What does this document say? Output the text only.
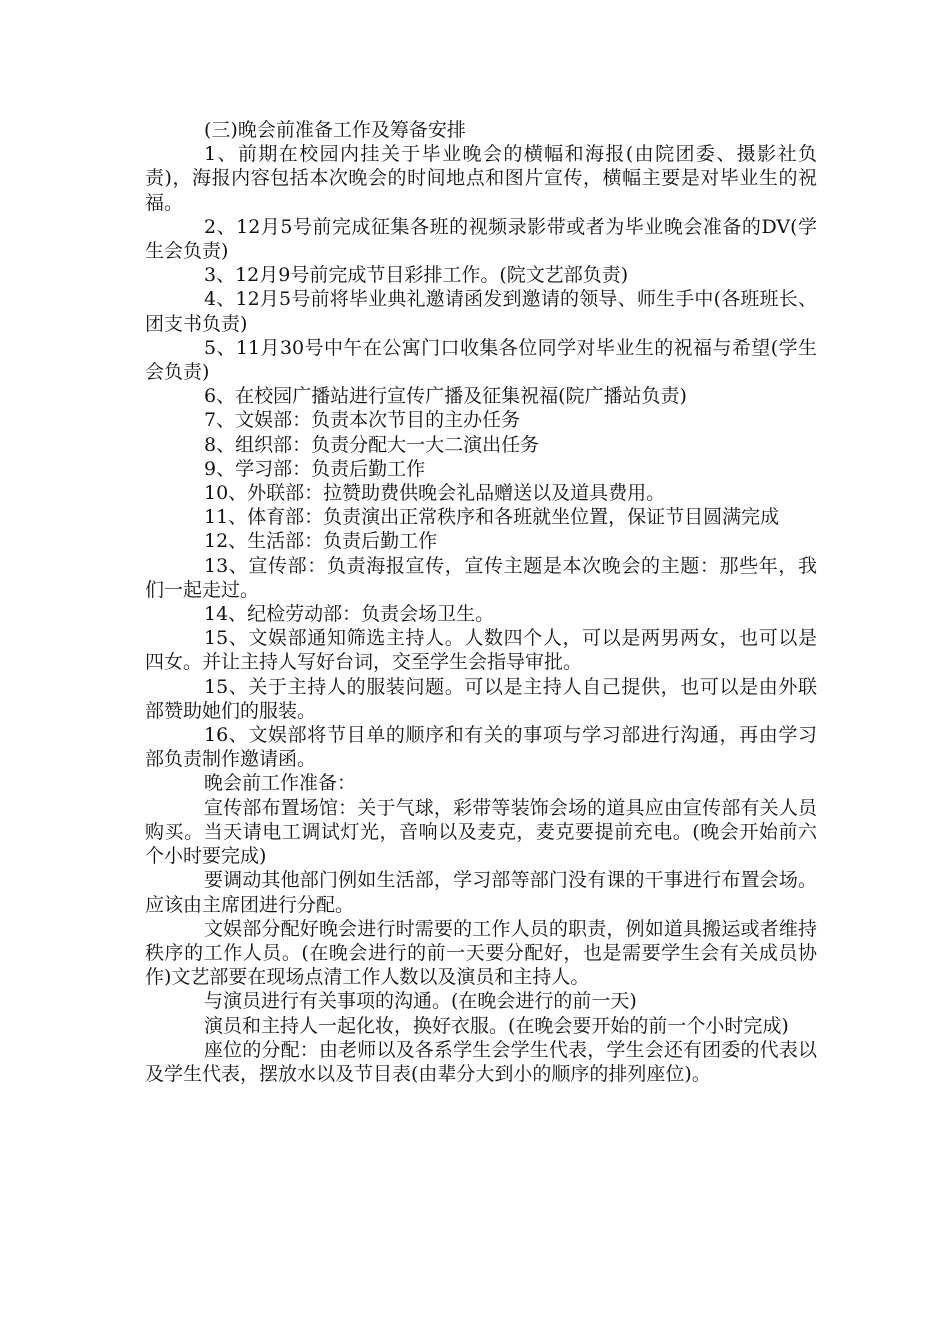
(三)晚会前准备工作及筹备安排

1、前期在校园内挂关于毕业晚会的横幅和海报(由院团委、摄影社负责)，海报内容包括本次晚会的时间地点和图片宣传，横幅主要是对毕业生的祝福。

2、12月5号前完成征集各班的视频录影带或者为毕业晚会准备的DV(学生会负责)

3、12月9号前完成节目彩排工作。(院文艺部负责)

4、12月5号前将毕业典礼邀请函发到邀请的领导、师生手中(各班班长、团支书负责)

5、11月30号中午在公寓门口收集各位同学对毕业生的祝福与希望(学生会负责)

6、在校园广播站进行宣传广播及征集祝福(院广播站负责)

7、文娱部：负责本次节目的主办任务

8、组织部：负责分配大一大二演出任务

9、学习部：负责后勤工作

10、外联部：拉赞助费供晚会礼品赠送以及道具费用。

11、体育部：负责演出正常秩序和各班就坐位置，保证节目圆满完成

12、生活部：负责后勤工作

13、宣传部：负责海报宣传，宣传主题是本次晚会的主题：那些年，我们一起走过。

14、纪检劳动部：负责会场卫生。

15、文娱部通知筛选主持人。人数四个人，可以是两男两女，也可以是四女。并让主持人写好台词，交至学生会指导审批。

15、关于主持人的服装问题。可以是主持人自己提供，也可以是由外联部赞助她们的服装。

16、文娱部将节目单的顺序和有关的事项与学习部进行沟通，再由学习部负责制作邀请函。

晚会前工作准备：

宣传部布置场馆：关于气球，彩带等装饰会场的道具应由宣传部有关人员购买。当天请电工调试灯光，音响以及麦克，麦克要提前充电。(晚会开始前六个小时要完成)

要调动其他部门例如生活部，学习部等部门没有课的干事进行布置会场。应该由主席团进行分配。

文娱部分配好晚会进行时需要的工作人员的职责，例如道具搬运或者维持秩序的工作人员。(在晚会进行的前一天要分配好，也是需要学生会有关成员协作)文艺部要在现场点清工作人数以及演员和主持人。

与演员进行有关事项的沟通。(在晚会进行的前一天)

演员和主持人一起化妆，换好衣服。(在晚会要开始的前一个小时完成)

座位的分配：由老师以及各系学生会学生代表，学生会还有团委的代表以及学生代表，摆放水以及节目表(由辈分大到小的顺序的排列座位)。
